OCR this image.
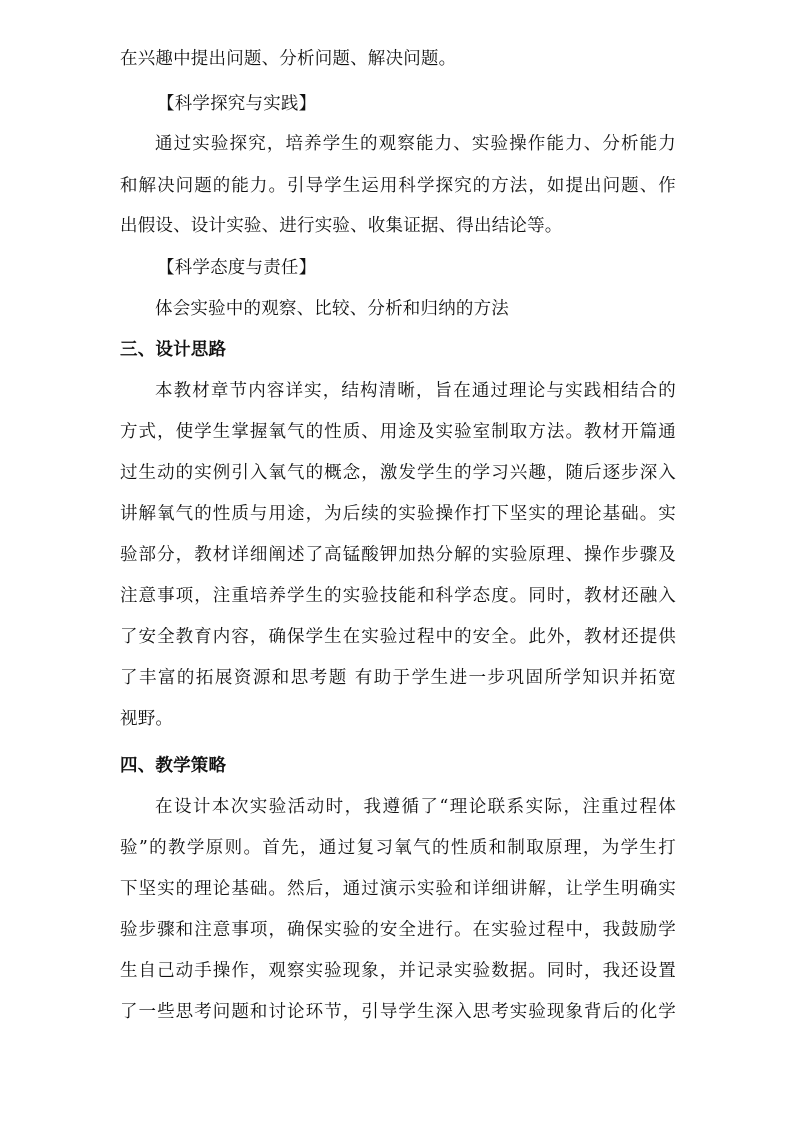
在兴趣中提出问题、分析问题、解决问题。
【科学探究与实践】
通过实验探究，培养学生的观察能力、实验操作能力、分析能力
和解决问题的能力。引导学生运用科学探究的方法，如提出问题、作
出假设、设计实验、进行实验、收集证据、得出结论等。
【科学态度与责任】
体会实验中的观察、比较、分析和归纳的方法
三、设计思路
本教材章节内容详实，结构清晰，旨在通过理论与实践相结合的
方式，使学生掌握氧气的性质、用途及实验室制取方法。教材开篇通
过生动的实例引入氧气的概念，激发学生的学习兴趣，随后逐步深入
讲解氧气的性质与用途，为后续的实验操作打下坚实的理论基础。实
验部分，教材详细阐述了高锰酸钾加热分解的实验原理、操作步骤及
注意事项，注重培养学生的实验技能和科学态度。同时，教材还融入
了安全教育内容，确保学生在实验过程中的安全。此外，教材还提供
了丰富的拓展资源和思考题 有助于学生进一步巩固所学知识并拓宽
视野。
四、教学策略
在设计本次实验活动时，我遵循了“理论联系实际，注重过程体
验”的教学原则。首先，通过复习氧气的性质和制取原理，为学生打
下坚实的理论基础。然后，通过演示实验和详细讲解，让学生明确实
验步骤和注意事项，确保实验的安全进行。在实验过程中，我鼓励学
生自己动手操作，观察实验现象，并记录实验数据。同时，我还设置
了一些思考问题和讨论环节，引导学生深入思考实验现象背后的化学
